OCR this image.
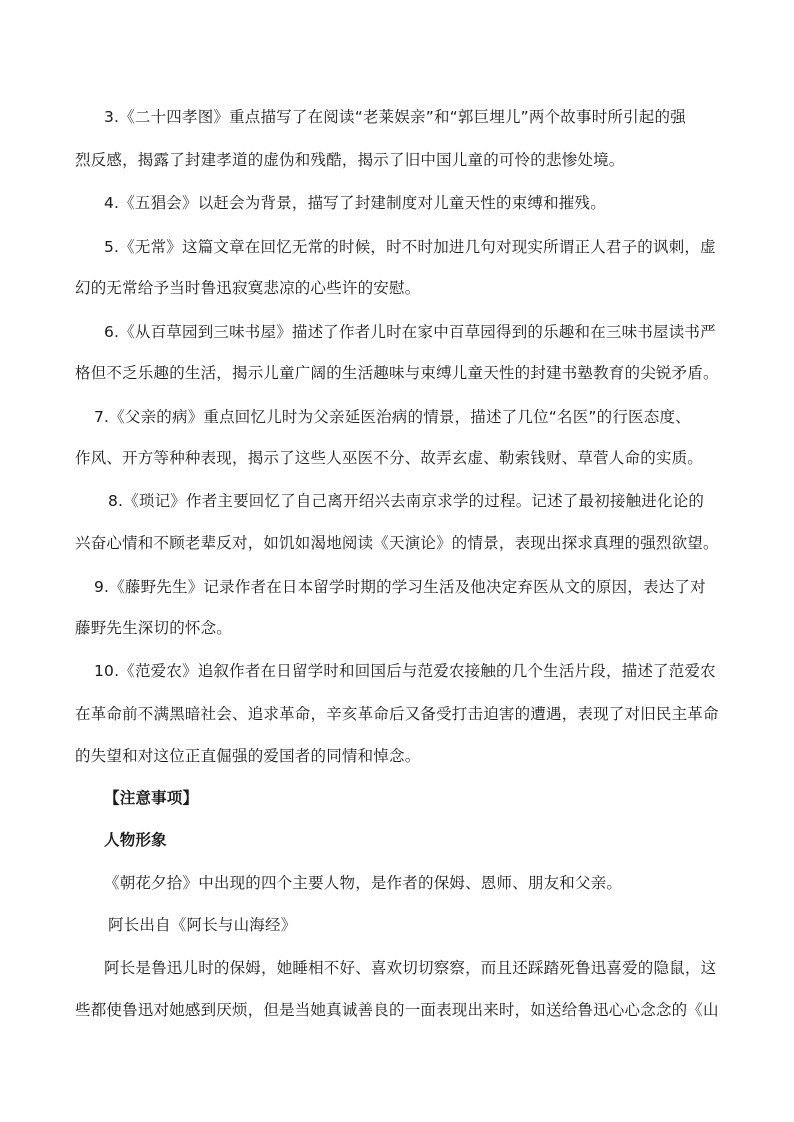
3.《二十四孝图》重点描写了在阅读“老莱娱亲”和“郭巨埋儿”两个故事时所引起的强
烈反感，揭露了封建孝道的虚伪和残酷，揭示了旧中国儿童的可怜的悲惨处境。
4.《五猖会》以赶会为背景，描写了封建制度对儿童天性的束缚和摧残。
5.《无常》这篇文章在回忆无常的时候，时不时加进几句对现实所谓正人君子的讽刺，虚
幻的无常给予当时鲁迅寂寞悲凉的心些许的安慰。
6.《从百草园到三味书屋》描述了作者儿时在家中百草园得到的乐趣和在三味书屋读书严
格但不乏乐趣的生活，揭示儿童广阔的生活趣味与束缚儿童天性的封建书塾教育的尖锐矛盾。
7.《父亲的病》重点回忆儿时为父亲延医治病的情景，描述了几位“名医”的行医态度、
作风、开方等种种表现，揭示了这些人巫医不分、故弄玄虚、勒索钱财、草菅人命的实质。
8.《琐记》作者主要回忆了自己离开绍兴去南京求学的过程。记述了最初接触进化论的
兴奋心情和不顾老辈反对，如饥如渴地阅读《天演论》的情景，表现出探求真理的强烈欲望。
9.《藤野先生》记录作者在日本留学时期的学习生活及他决定弃医从文的原因，表达了对
藤野先生深切的怀念。
10.《范爱农》追叙作者在日留学时和回国后与范爱农接触的几个生活片段，描述了范爱农
在革命前不满黑暗社会、追求革命，辛亥革命后又备受打击迫害的遭遇，表现了对旧民主革命
的失望和对这位正直倔强的爱国者的同情和悼念。
【注意事项】
人物形象
《朝花夕拾》中出现的四个主要人物，是作者的保姆、恩师、朋友和父亲。
阿长出自《阿长与山海经》
阿长是鲁迅儿时的保姆，她睡相不好、喜欢切切察察，而且还踩踏死鲁迅喜爱的隐鼠，这
些都使鲁迅对她感到厌烦，但是当她真诚善良的一面表现出来时，如送给鲁迅心心念念的《山
